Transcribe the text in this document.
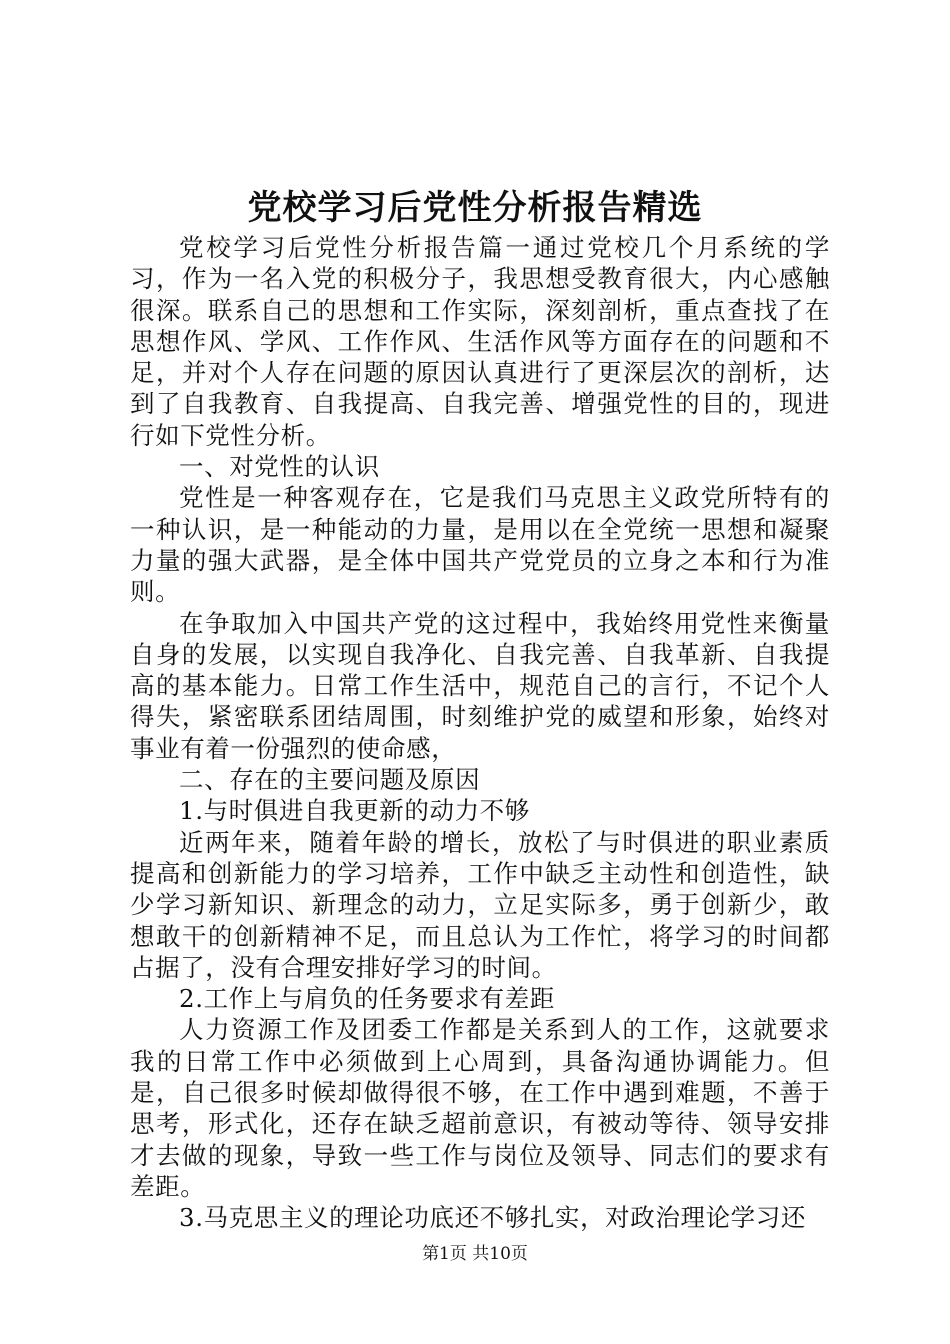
党校学习后党性分析报告精选

党校学习后党性分析报告篇一通过党校几个月系统的学习，作为一名入党的积极分子，我思想受教育很大，内心感触很深。联系自己的思想和工作实际，深刻剖析，重点查找了在思想作风、学风、工作作风、生活作风等方面存在的问题和不足，并对个人存在问题的原因认真进行了更深层次的剖析，达到了自我教育、自我提高、自我完善、增强党性的目的，现进行如下党性分析。

一、对党性的认识

党性是一种客观存在，它是我们马克思主义政党所特有的一种认识，是一种能动的力量，是用以在全党统一思想和凝聚力量的强大武器，是全体中国共产党党员的立身之本和行为准则。

在争取加入中国共产党的这过程中，我始终用党性来衡量自身的发展，以实现自我净化、自我完善、自我革新、自我提高的基本能力。日常工作生活中，规范自己的言行，不记个人得失，紧密联系团结周围，时刻维护党的威望和形象，始终对事业有着一份强烈的使命感，

二、存在的主要问题及原因

1.与时俱进自我更新的动力不够

近两年来，随着年龄的增长，放松了与时俱进的职业素质提高和创新能力的学习培养，工作中缺乏主动性和创造性，缺少学习新知识、新理念的动力，立足实际多，勇于创新少，敢想敢干的创新精神不足，而且总认为工作忙，将学习的时间都占据了，没有合理安排好学习的时间。

2.工作上与肩负的任务要求有差距

人力资源工作及团委工作都是关系到人的工作，这就要求我的日常工作中必须做到上心周到，具备沟通协调能力。但是，自己很多时候却做得很不够，在工作中遇到难题，不善于思考，形式化，还存在缺乏超前意识，有被动等待、领导安排才去做的现象，导致一些工作与岗位及领导、同志们的要求有差距。

3.马克思主义的理论功底还不够扎实，对政治理论学习还

第1页 共10页
